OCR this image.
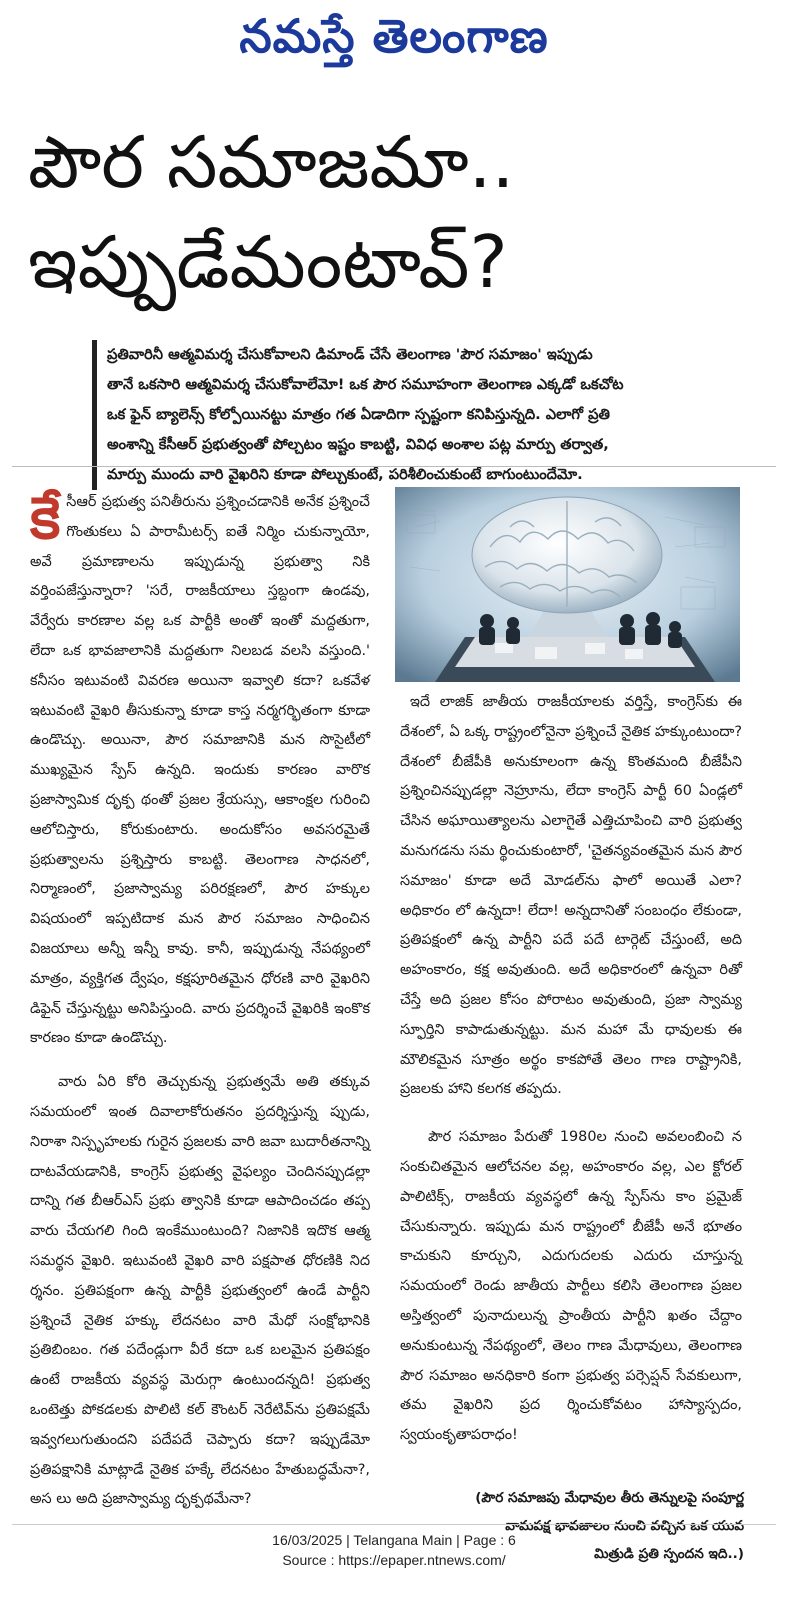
నమస్తే తెలంగాణ
పౌర సమాజమా..
ఇప్పుడేమంటావ్?

ప్రతివారినీ ఆత్మవిమర్శ చేసుకోవాలని డిమాండ్ చేసే తెలంగాణ 'పౌర సమాజం' ఇప్పుడు

తానే ఒకసారి ఆత్మవిమర్శ చేసుకోవాలేమో! ఒక పౌర సమూహంగా తెలంగాణ ఎక్కడో ఒకచోట

ఒక ఫైన్ బ్యాలెన్స్ కోల్పోయినట్టు మాత్రం గత ఏడాదిగా స్పష్టంగా కనిపిస్తున్నది. ఎలాగో ప్రతి

అంశాన్ని కేసీఆర్ ప్రభుత్వంతో పోల్చటం ఇష్టం కాబట్టి, వివిధ అంశాల పట్ల మార్పు తర్వాత,

మార్పు ముందు వారి వైఖరిని కూడా పోల్చుకుంటే, పరిశీలించుకుంటే బాగుంటుందేమో.

కేసీఆర్ ప్రభుత్వ పనితీరును ప్రశ్నించడానికి అనేక ప్రశ్నించే గొంతుకలు ఏ పారామీటర్స్ ఐతే నిర్మిం చుకున్నాయో, అవే ప్రమాణాలను ఇప్పుడున్న ప్రభుత్వా నికి వర్తింపజేస్తున్నారా? 'సరే, రాజకీయాలు స్తబ్దంగా ఉండవు, వేర్వేరు కారణాల వల్ల ఒక పార్టీకి అంతో ఇంతో మద్దతుగా, లేదా ఒక భావజాలానికి మద్దతుగా నిలబడ వలసి వస్తుంది.' కనీసం ఇటువంటి వివరణ అయినా ఇవ్వాలి కదా? ఒకవేళ ఇటువంటి వైఖరి తీసుకున్నా కూడా కాస్త నర్మగర్భితంగా కూడా ఉండొచ్చు. అయినా, పౌర సమాజానికి మన సొసైటీలో ముఖ్యమైన స్పేస్ ఉన్నది. ఇందుకు కారణం వారొక ప్రజాస్వామిక దృక్ప థంతో ప్రజల శ్రేయస్సు, ఆకాంక్షల గురించి ఆలోచిస్తారు, కోరుకుంటారు. అందుకోసం అవసరమైతే ప్రభుత్వాలను ప్రశ్నిస్తారు కాబట్టి. తెలంగాణ సాధనలో, నిర్మాణంలో, ప్రజాస్వామ్య పరిరక్షణలో, పౌర హక్కుల విషయంలో ఇప్పటిదాక మన పౌర సమాజం సాధించిన విజయాలు అన్నీ ఇన్నీ కావు. కానీ, ఇప్పుడున్న నేపథ్యంలో మాత్రం, వ్యక్తిగత ద్వేషం, కక్షపూరితమైన ధోరణి వారి వైఖరిని డిఫైన్ చేస్తున్నట్టు అనిపిస్తుంది. వారు ప్రదర్శించే వైఖరికి ఇంకొక కారణం కూడా ఉండొచ్చు.

వారు ఏరి కోరి తెచ్చుకున్న ప్రభుత్వమే అతి తక్కువ సమయంలో ఇంత దివాలాకోరుతనం ప్రదర్శిస్తున్న ప్పుడు, నిరాశా నిస్పృహలకు గురైన ప్రజలకు వారి జవా బుదారీతనాన్ని దాటవేయడానికి, కాంగ్రెస్ ప్రభుత్వ వైఫల్యం చెందినప్పుడల్లా దాన్ని గత బీఆర్ఎస్ ప్రభు త్వానికి కూడా ఆపాదించడం తప్ప వారు చేయగలి గింది ఇంకేముంటుంది? నిజానికి ఇదొక ఆత్మ సమర్థన వైఖరి. ఇటువంటి వైఖరి వారి పక్షపాత ధోరణికి నిద ర్శనం. ప్రతిపక్షంగా ఉన్న పార్టీకి ప్రభుత్వంలో ఉండే పార్టీని ప్రశ్నించే నైతిక హక్కు లేదనటం వారి మేధో సంక్షోభానికి ప్రతిబింబం. గత పదేండ్లుగా వీరే కదా ఒక బలమైన ప్రతిపక్షం ఉంటే రాజకీయ వ్యవస్థ మెరుగ్గా ఉంటుందన్నది! ప్రభుత్వ ఒంటెత్తు పోకడలకు పొలిటి కల్ కౌంటర్ నెరేటివ్‌ను ప్రతిపక్షమే ఇవ్వగలుగుతుందని పదేపదే చెప్పారు కదా? ఇప్పుడేమో ప్రతిపక్షానికి మాట్లాడే నైతిక హక్కే లేదనటం హేతుబద్ధమేనా?, అస లు అది ప్రజాస్వామ్య దృక్పథమేనా?

ఇదే లాజిక్ జాతీయ రాజకీయాలకు వర్తిస్తే, కాంగ్రెస్‌కు ఈ దేశంలో, ఏ ఒక్క రాష్ట్రంలోనైనా ప్రశ్నించే నైతిక హక్కుంటుందా? దేశంలో బీజేపీకి అనుకూలంగా ఉన్న కొంతమంది బీజేపీని ప్రశ్నించినప్పుడల్లా నెహ్రూను, లేదా కాంగ్రెస్ పార్టీ 60 ఏండ్లలో చేసిన అఘాయిత్యాలను ఎలాగైతే ఎత్తిచూపించి వారి ప్రభుత్వ మనుగడను సమ ర్థించుకుంటారో, 'చైతన్యవంతమైన మన పౌర సమాజం' కూడా అదే మోడల్‌ను ఫాలో అయితే ఎలా? అధికారం లో ఉన్నదా! లేదా! అన్నదానితో సంబంధం లేకుండా, ప్రతిపక్షంలో ఉన్న పార్టీని పదే పదే టార్గెట్ చేస్తుంటే, అది అహంకారం, కక్ష అవుతుంది. అదే అధికారంలో ఉన్నవా రితో చేస్తే అది ప్రజల కోసం పోరాటం అవుతుంది, ప్రజా స్వామ్య స్ఫూర్తిని కాపాడుతున్నట్టు. మన మహా మే ధావులకు ఈ మౌలికమైన సూత్రం అర్థం కాకపోతే తెలం గాణ రాష్ట్రానికి, ప్రజలకు హాని కలగక తప్పదు.

పౌర సమాజం పేరుతో 1980ల నుంచి అవలంబించి న సంకుచితమైన ఆలోచనల వల్ల, అహంకారం వల్ల, ఎల క్టోరల్ పాలిటిక్స్, రాజకీయ వ్యవస్థలో ఉన్న స్పేస్‌ను కాం ప్రమైజ్ చేసుకున్నారు. ఇప్పుడు మన రాష్ట్రంలో బీజేపీ అనే భూతం కాచుకుని కూర్చుని, ఎదుగుదలకు ఎదురు చూస్తున్న సమయంలో రెండు జాతీయ పార్టీలు కలిసి తెలంగాణ ప్రజల అస్తిత్వంలో పునాదులున్న ప్రాంతీయ పార్టీని ఖతం చేద్దాం అనుకుంటున్న నేపథ్యంలో, తెలం గాణ మేధావులు, తెలంగాణ పౌర సమాజం అనధికారి కంగా ప్రభుత్వ పర్సెప్షన్ సేవకులుగా, తమ వైఖరిని ప్రద ర్శించుకోవటం హాస్యాస్పదం, స్వయంకృతాపరాధం!

(పౌర సమాజపు మేధావుల తీరు తెన్నులపై సంపూర్ణ వామపక్ష భావజాలం నుంచి వచ్చిన ఒక యువ మిత్రుడి ప్రతి స్పందన ఇది..)
16/03/2025 | Telangana Main | Page : 6
Source : https://epaper.ntnews.com/
